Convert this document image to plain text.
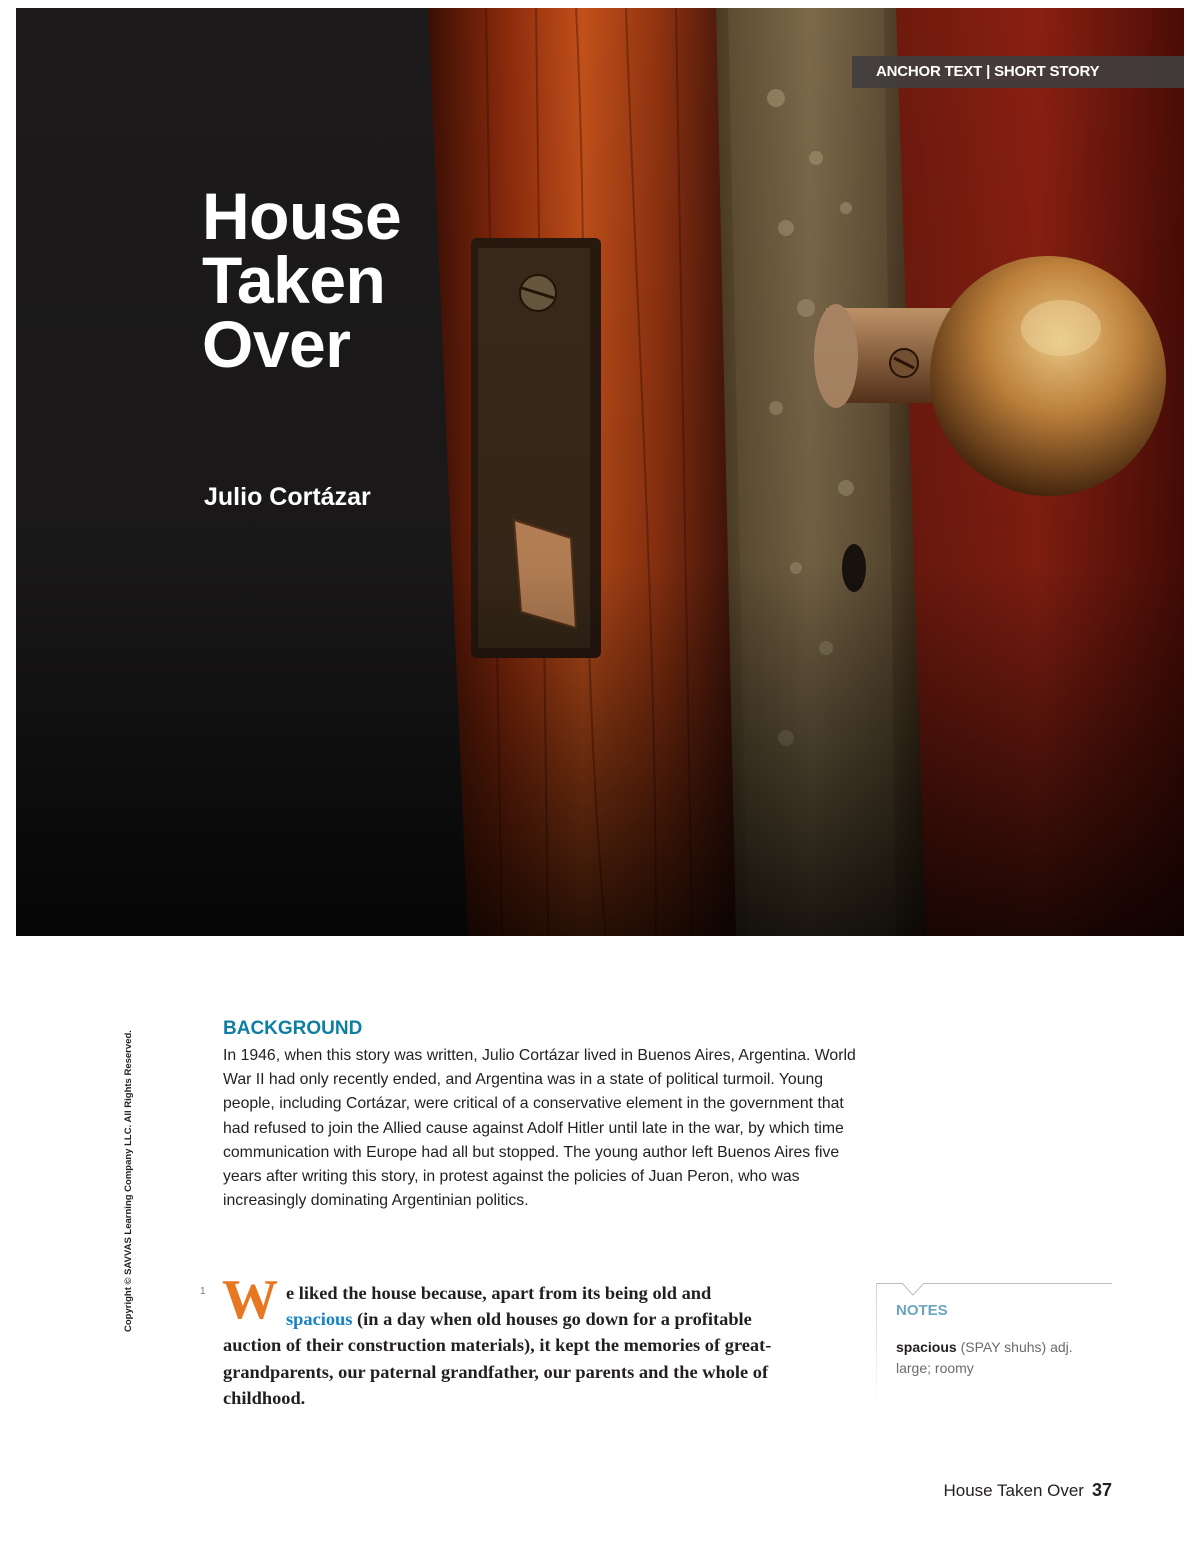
ANCHOR TEXT | SHORT STORY
House
Taken
Over
Julio Cortázar
Copyright © SAVVAS Learning Company LLC. All Rights Reserved.
BACKGROUND

In 1946, when this story was written, Julio Cortázar lived in Buenos Aires, Argentina. World War II had only recently ended, and Argentina was in a state of political turmoil. Young people, including Cortázar, were critical of a conservative element in the government that had refused to join the Allied cause against Adolf Hitler until late in the war, by which time communication with Europe had all but stopped. The young author left Buenos Aires five years after writing this story, in protest against the policies of Juan Peron, who was increasingly dominating Argentinian politics.

1 W e liked the house because, apart from its being old and

spacious (in a day when old houses go down for a profitable
auction of their construction materials), it kept the memories of great-
grandparents, our paternal grandfather, our parents and the whole of
childhood.

NOTES
spacious (SPAY shuhs) adj. large; roomy
House Taken Over 37
